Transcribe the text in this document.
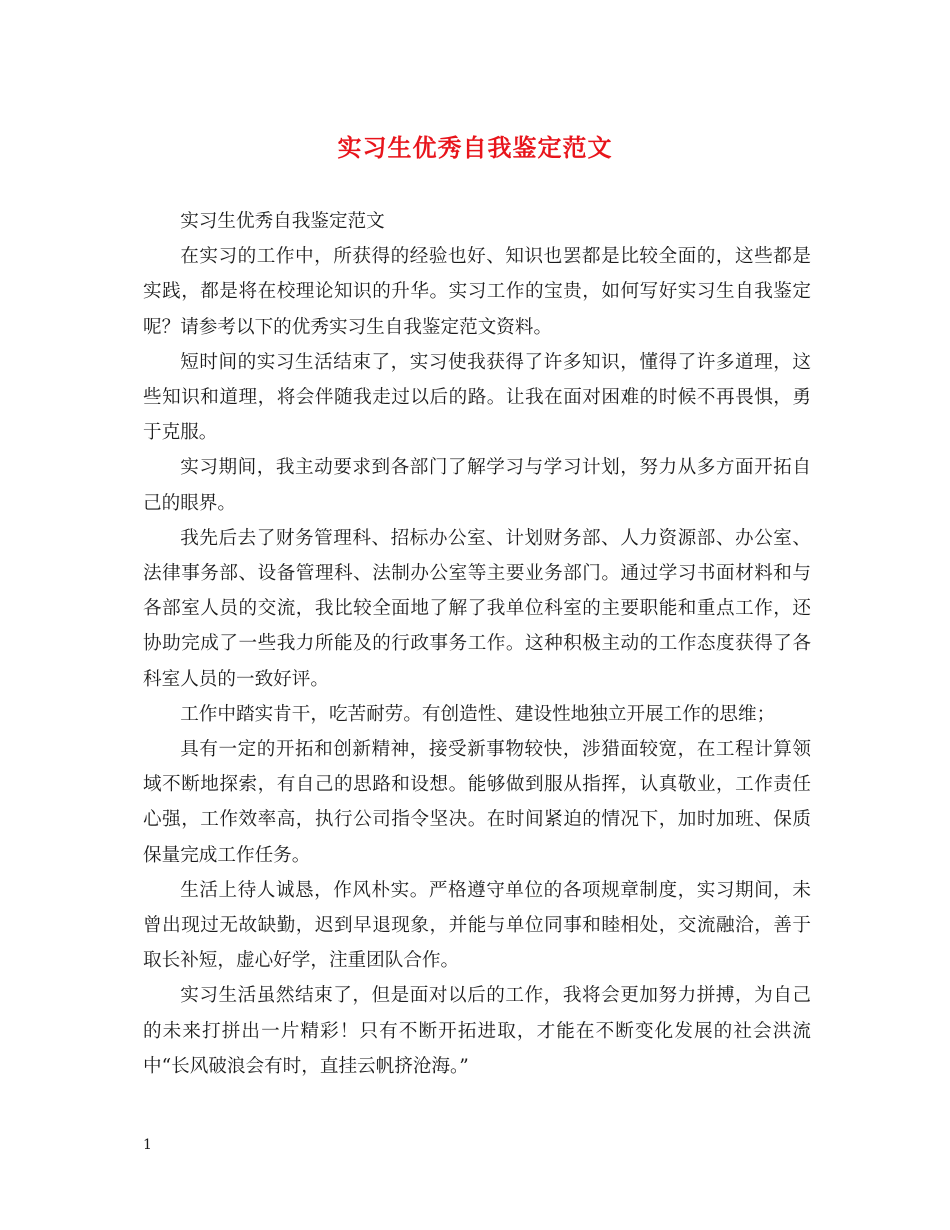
实习生优秀自我鉴定范文

实习生优秀自我鉴定范文

在实习的工作中，所获得的经验也好、知识也罢都是比较全面的，这些都是实践，都是将在校理论知识的升华。实习工作的宝贵，如何写好实习生自我鉴定呢？请参考以下的优秀实习生自我鉴定范文资料。

短时间的实习生活结束了，实习使我获得了许多知识，懂得了许多道理，这些知识和道理，将会伴随我走过以后的路。让我在面对困难的时候不再畏惧，勇于克服。

实习期间，我主动要求到各部门了解学习与学习计划，努力从多方面开拓自己的眼界。

我先后去了财务管理科、招标办公室、计划财务部、人力资源部、办公室、法律事务部、设备管理科、法制办公室等主要业务部门。通过学习书面材料和与各部室人员的交流，我比较全面地了解了我单位科室的主要职能和重点工作，还协助完成了一些我力所能及的行政事务工作。这种积极主动的工作态度获得了各科室人员的一致好评。

工作中踏实肯干，吃苦耐劳。有创造性、建设性地独立开展工作的思维；

具有一定的开拓和创新精神，接受新事物较快，涉猎面较宽，在工程计算领域不断地探索，有自己的思路和设想。能够做到服从指挥，认真敬业，工作责任心强，工作效率高，执行公司指令坚决。在时间紧迫的情况下，加时加班、保质保量完成工作任务。

生活上待人诚恳，作风朴实。严格遵守单位的各项规章制度，实习期间，未曾出现过无故缺勤，迟到早退现象，并能与单位同事和睦相处，交流融洽，善于取长补短，虚心好学，注重团队合作。

实习生活虽然结束了，但是面对以后的工作，我将会更加努力拼搏，为自己的未来打拼出一片精彩！只有不断开拓进取，才能在不断变化发展的社会洪流中“长风破浪会有时，直挂云帆挤沧海。”

1
